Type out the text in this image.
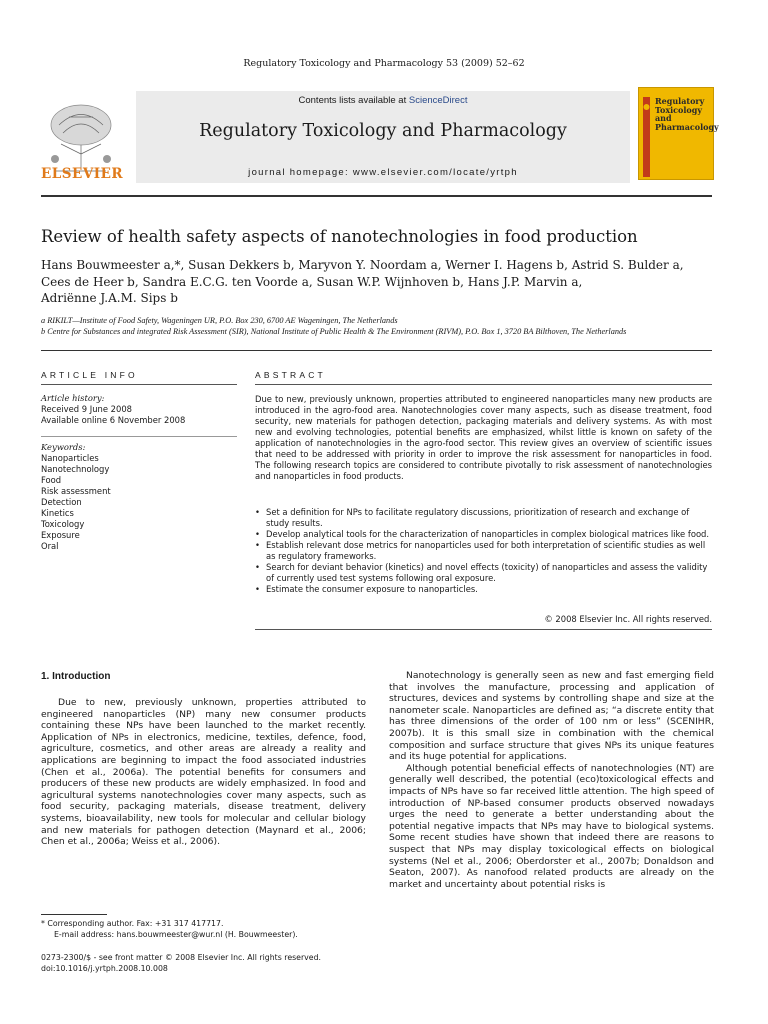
Regulatory Toxicology and Pharmacology 53 (2009) 52–62
ELSEVIER
Contents lists available at ScienceDirect
Regulatory Toxicology and Pharmacology
journal homepage: www.elsevier.com/locate/yrtph
Regulatory Toxicology and Pharmacology
Review of health safety aspects of nanotechnologies in food production
Hans Bouwmeester a,*, Susan Dekkers b, Maryvon Y. Noordam a, Werner I. Hagens b, Astrid S. Bulder a,
Cees de Heer b, Sandra E.C.G. ten Voorde a, Susan W.P. Wijnhoven b, Hans J.P. Marvin a,
Adriënne J.A.M. Sips b
a RIKILT—Institute of Food Safety, Wageningen UR, P.O. Box 230, 6700 AE Wageningen, The Netherlands
b Centre for Substances and integrated Risk Assessment (SIR), National Institute of Public Health & The Environment (RIVM), P.O. Box 1, 3720 BA Bilthoven, The Netherlands
ARTICLE INFO
Article history:
Received 9 June 2008
Available online 6 November 2008
Keywords:
Nanoparticles
Nanotechnology
Food
Risk assessment
Detection
Kinetics
Toxicology
Exposure
Oral
ABSTRACT
Due to new, previously unknown, properties attributed to engineered nanoparticles many new products are introduced in the agro-food area. Nanotechnologies cover many aspects, such as disease treatment, food security, new materials for pathogen detection, packaging materials and delivery systems. As with most new and evolving technologies, potential benefits are emphasized, whilst little is known on safety of the application of nanotechnologies in the agro-food sector. This review gives an overview of scientific issues that need to be addressed with priority in order to improve the risk assessment for nanoparticles in food. The following research topics are considered to contribute pivotally to risk assessment of nanotechnologies and nanoparticles in food products.
• Set a definition for NPs to facilitate regulatory discussions, prioritization of research and exchange of study results.
• Develop analytical tools for the characterization of nanoparticles in complex biological matrices like food.
• Establish relevant dose metrics for nanoparticles used for both interpretation of scientific studies as well as regulatory frameworks.
• Search for deviant behavior (kinetics) and novel effects (toxicity) of nanoparticles and assess the validity of currently used test systems following oral exposure.
• Estimate the consumer exposure to nanoparticles.
© 2008 Elsevier Inc. All rights reserved.
1. Introduction

Due to new, previously unknown, properties attributed to engineered nanoparticles (NP) many new consumer products containing these NPs have been launched to the market recently. Application of NPs in electronics, medicine, textiles, defence, food, agriculture, cosmetics, and other areas are already a reality and applications are beginning to impact the food associated industries (Chen et al., 2006a). The potential benefits for consumers and producers of these new products are widely emphasized. In food and agricultural systems nanotechnologies cover many aspects, such as food security, packaging materials, disease treatment, delivery systems, bioavailability, new tools for molecular and cellular biology and new materials for pathogen detection (Maynard et al., 2006; Chen et al., 2006a; Weiss et al., 2006).

Nanotechnology is generally seen as new and fast emerging field that involves the manufacture, processing and application of structures, devices and systems by controlling shape and size at the nanometer scale. Nanoparticles are defined as; “a discrete entity that has three dimensions of the order of 100 nm or less” (SCENIHR, 2007b). It is this small size in combination with the chemical composition and surface structure that gives NPs its unique features and its huge potential for applications.

Although potential beneficial effects of nanotechnologies (NT) are generally well described, the potential (eco)toxicological effects and impacts of NPs have so far received little attention. The high speed of introduction of NP-based consumer products observed nowadays urges the need to generate a better understanding about the potential negative impacts that NPs may have to biological systems. Some recent studies have shown that indeed there are reasons to suspect that NPs may display toxicological effects on biological systems (Nel et al., 2006; Oberdorster et al., 2007b; Donaldson and Seaton, 2007). As nanofood related products are already on the market and uncertainty about potential risks is

* Corresponding author. Fax: +31 317 417717.
E-mail address: hans.bouwmeester@wur.nl (H. Bouwmeester).
0273-2300/$ - see front matter © 2008 Elsevier Inc. All rights reserved.
doi:10.1016/j.yrtph.2008.10.008
